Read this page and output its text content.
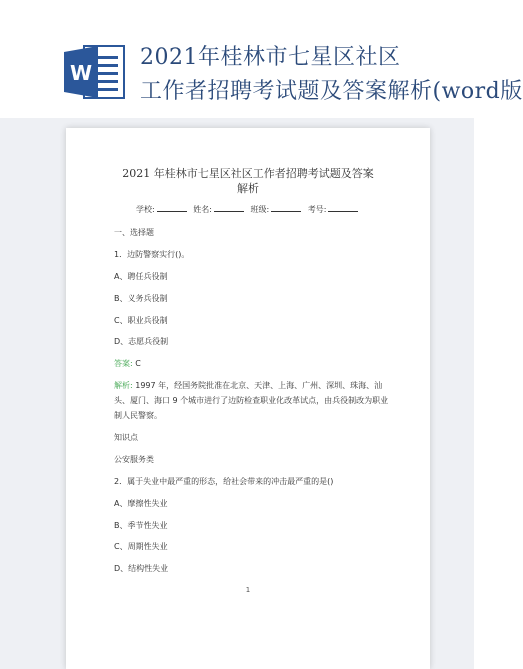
W
2021年桂林市七星区社区
工作者招聘考试题及答案解析(word版
2021 年桂林市七星区社区工作者招聘考试题及答案
解析
学校:	姓名:	班级:	考号:
一、选择题
1．边防警察实行()。
A、聘任兵役制
B、义务兵役制
C、职业兵役制
D、志愿兵役制
答案: C
解析: 1997 年，经国务院批准在北京、天津、上海、广州、深圳、珠海、汕
头、厦门、海口 9 个城市进行了边防检查职业化改革试点，由兵役制改为职业
制人民警察。
知识点
公安服务类
2．属于失业中最严重的形态，给社会带来的冲击最严重的是()
A、摩擦性失业
B、季节性失业
C、周期性失业
D、结构性失业
1
